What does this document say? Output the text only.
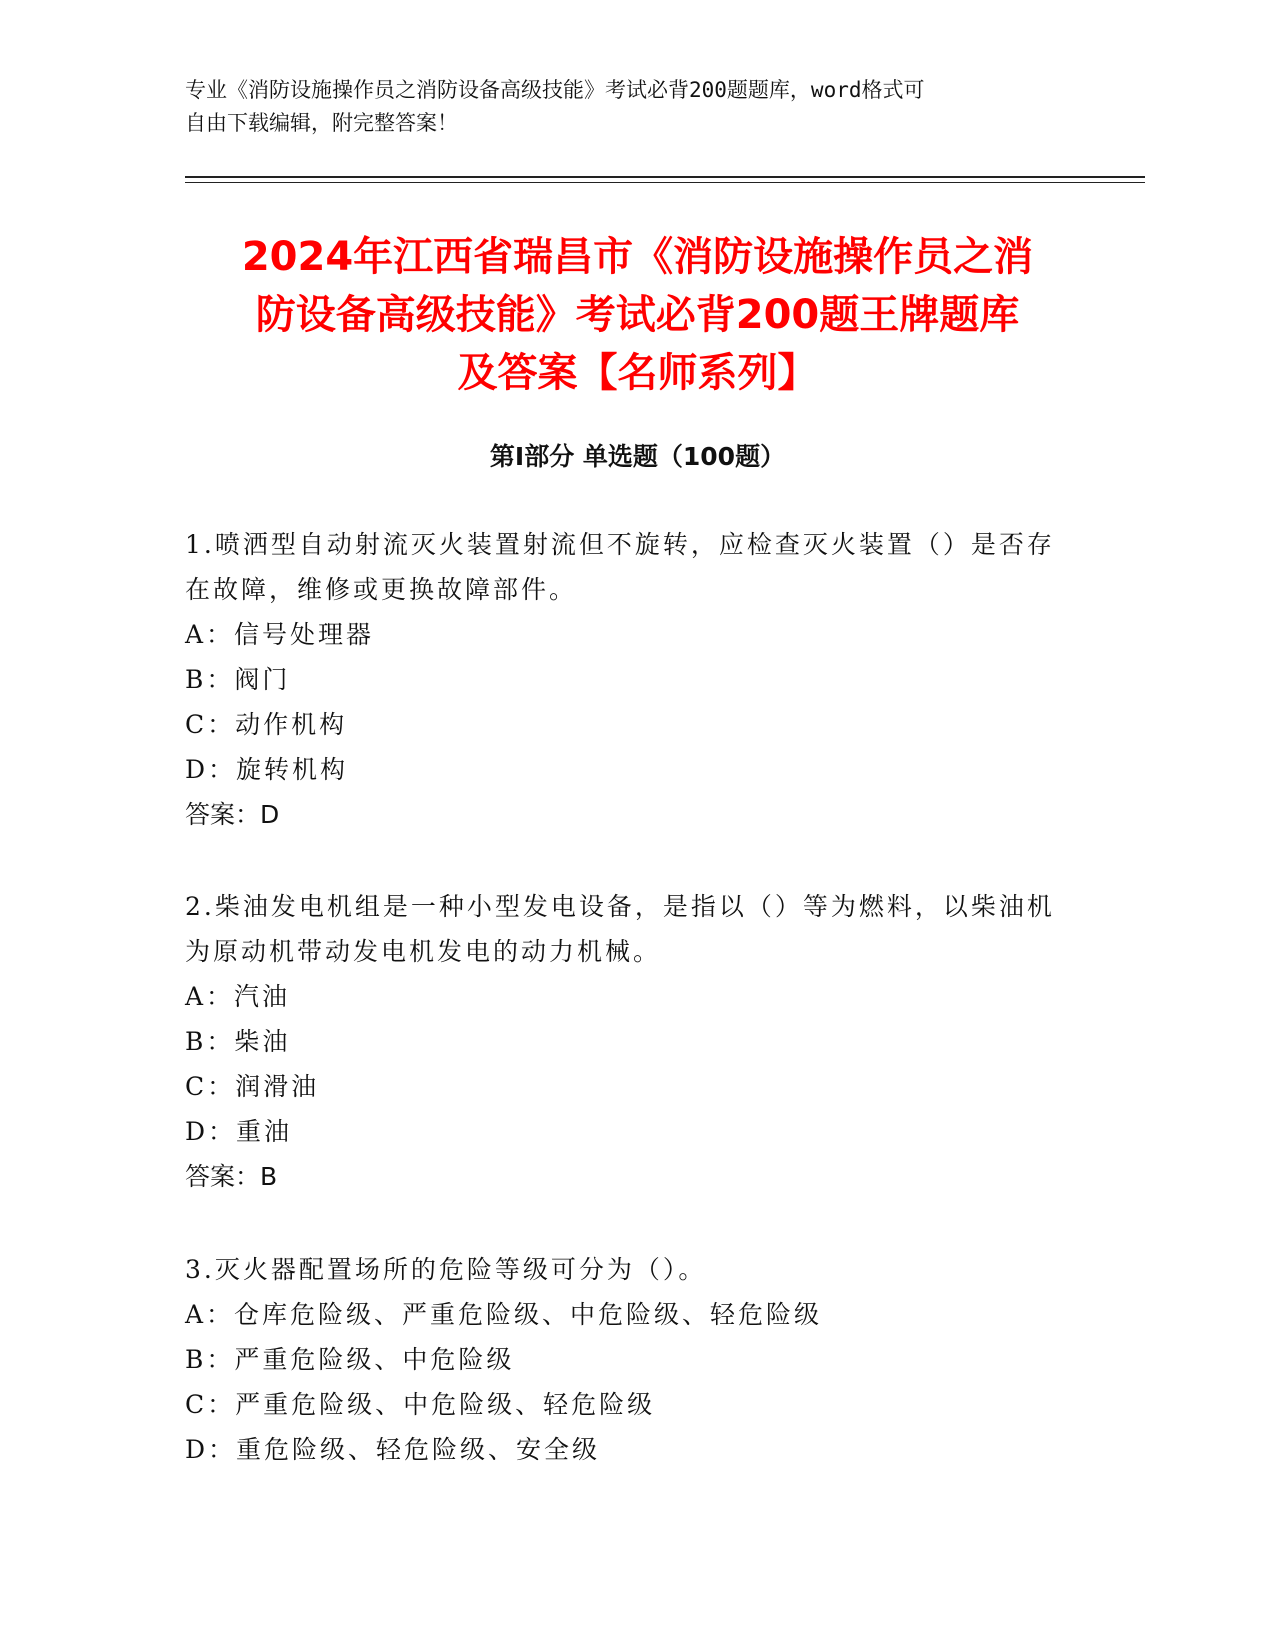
专业《消防设施操作员之消防设备高级技能》考试必背200题题库，word格式可
自由下载编辑，附完整答案！
2024年江西省瑞昌市《消防设施操作员之消
防设备高级技能》考试必背200题王牌题库
及答案【名师系列】
第I部分 单选题（100题）
1.喷洒型自动射流灭火装置射流但不旋转，应检查灭火装置（）是否存在故障，维修或更换故障部件。
A：信号处理器
B：阀门
C：动作机构
D：旋转机构
答案：D
2.柴油发电机组是一种小型发电设备，是指以（）等为燃料，以柴油机为原动机带动发电机发电的动力机械。
A：汽油
B：柴油
C：润滑油
D：重油
答案：B
3.灭火器配置场所的危险等级可分为（）。
A：仓库危险级、严重危险级、中危险级、轻危险级
B：严重危险级、中危险级
C：严重危险级、中危险级、轻危险级
D：重危险级、轻危险级、安全级
